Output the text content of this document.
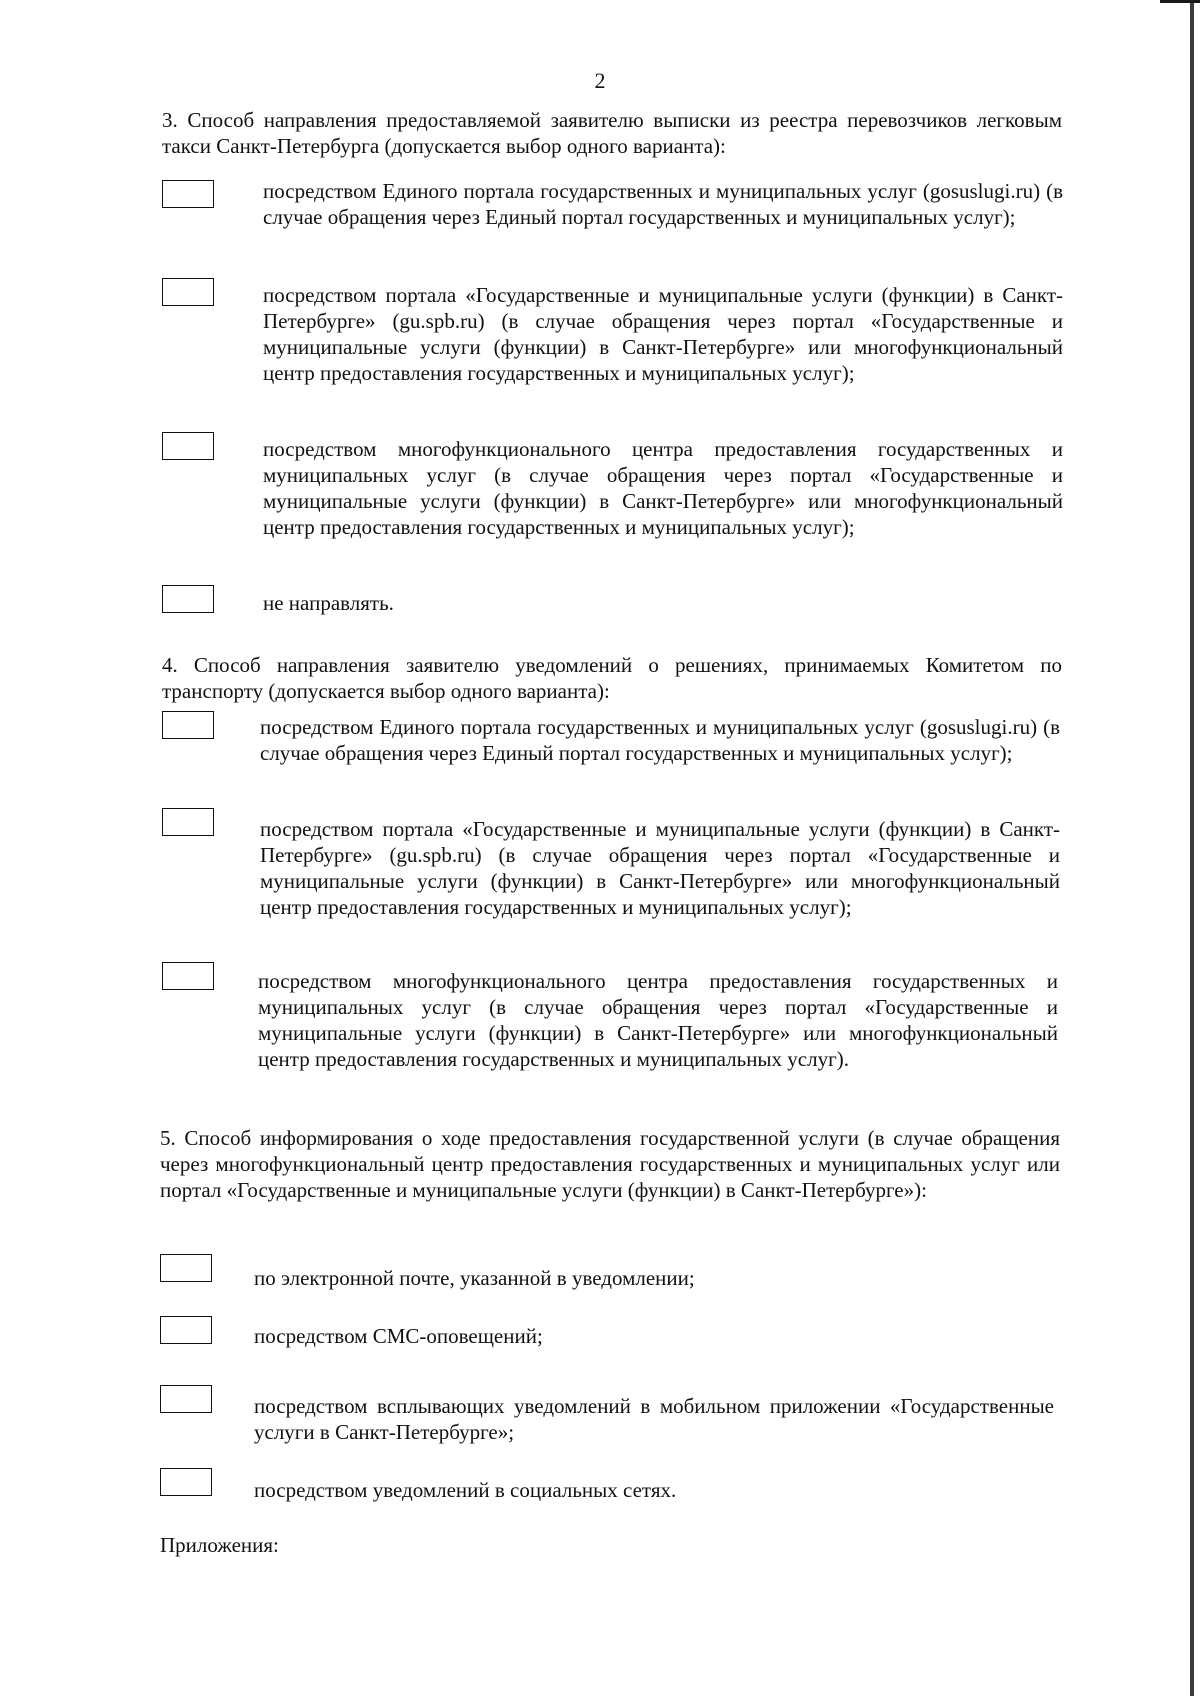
2
3. Способ направления предоставляемой заявителю выписки из реестра перевозчиков легковым такси Санкт-Петербурга (допускается выбор одного варианта):
посредством Единого портала государственных и муниципальных услуг (gosuslugi.ru) (в случае обращения через Единый портал государственных и муниципальных услуг);
посредством портала «Государственные и муниципальные услуги (функции) в Санкт-Петербурге» (gu.spb.ru) (в случае обращения через портал «Государственные и муниципальные услуги (функции) в Санкт-Петербурге» или многофункциональный центр предоставления государственных и муниципальных услуг);
посредством многофункционального центра предоставления государственных и муниципальных услуг (в случае обращения через портал «Государственные и муниципальные услуги (функции) в Санкт-Петербурге» или многофункциональный центр предоставления государственных и муниципальных услуг);
не направлять.
4. Способ направления заявителю уведомлений о решениях, принимаемых Комитетом по транспорту (допускается выбор одного варианта):
посредством Единого портала государственных и муниципальных услуг (gosuslugi.ru) (в случае обращения через Единый портал государственных и муниципальных услуг);
посредством портала «Государственные и муниципальные услуги (функции) в Санкт-Петербурге» (gu.spb.ru) (в случае обращения через портал «Государственные и муниципальные услуги (функции) в Санкт-Петербурге» или многофункциональный центр предоставления государственных и муниципальных услуг);
посредством многофункционального центра предоставления государственных и муниципальных услуг (в случае обращения через портал «Государственные и муниципальные услуги (функции) в Санкт-Петербурге» или многофункциональный центр предоставления государственных и муниципальных услуг).
5. Способ информирования о ходе предоставления государственной услуги (в случае обращения через многофункциональный центр предоставления государственных и муниципальных услуг или портал «Государственные и муниципальные услуги (функции) в Санкт-Петербурге»):
по электронной почте, указанной в уведомлении;
посредством СМС-оповещений;
посредством всплывающих уведомлений в мобильном приложении «Государственные услуги в Санкт-Петербурге»;
посредством уведомлений в социальных сетях.
Приложения:
